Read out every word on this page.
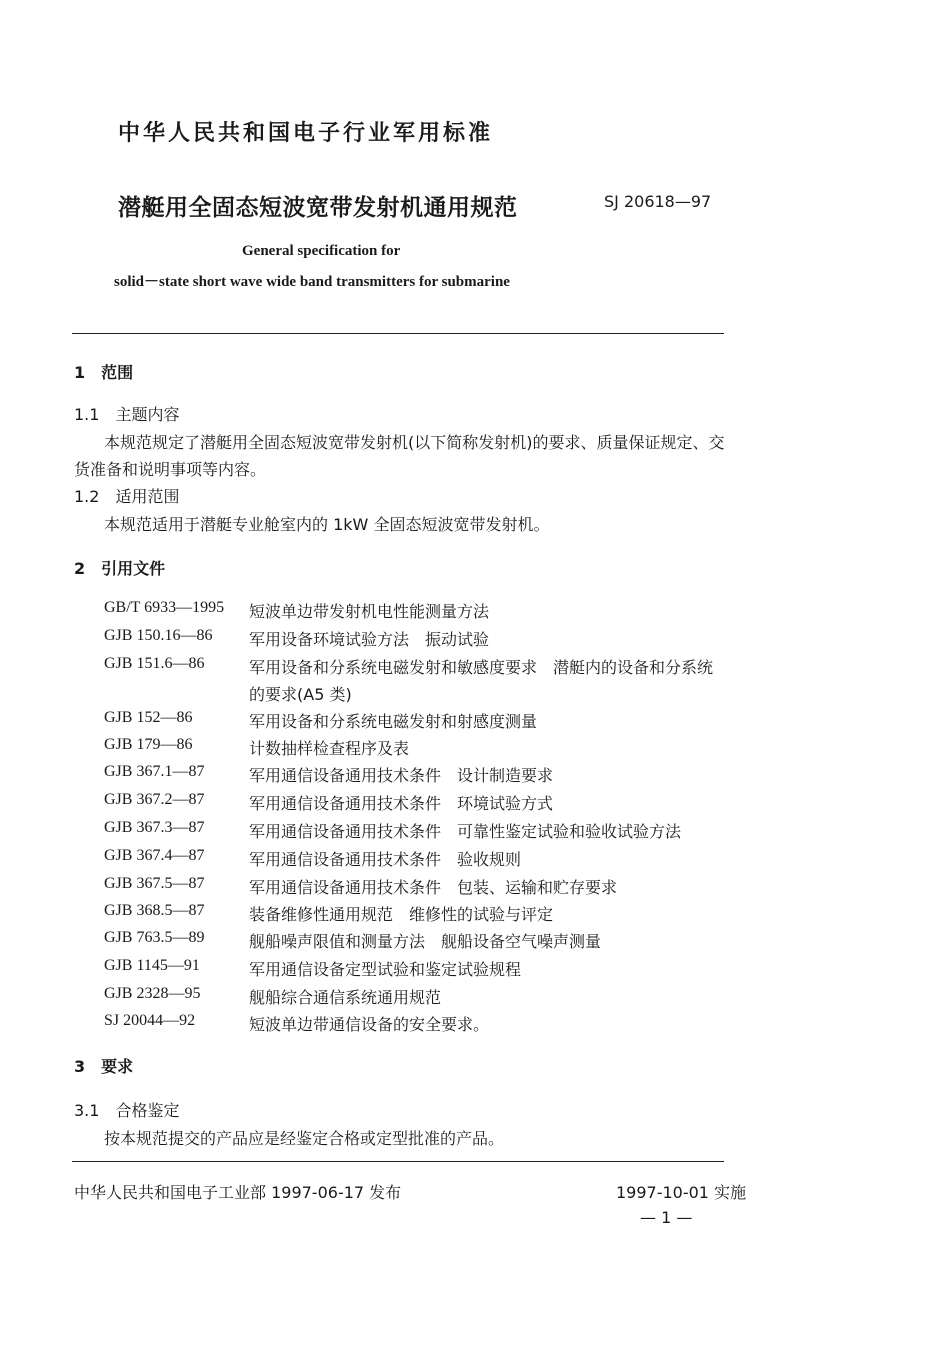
中华人民共和国电子行业军用标准
潜艇用全固态短波宽带发射机通用规范	SJ 20618—97
General specification for
solid－state short wave wide band transmitters for submarine
1　范围
1.1　主题内容
本规范规定了潜艇用全固态短波宽带发射机(以下简称发射机)的要求、质量保证规定、交
货准备和说明事项等内容。
1.2　适用范围
本规范适用于潜艇专业舱室内的 1kW 全固态短波宽带发射机。
2　引用文件
GB/T 6933—1995 短波单边带发射机电性能测量方法
GJB 150.16—86 军用设备环境试验方法　振动试验
GJB 151.6—86	军用设备和分系统电磁发射和敏感度要求　潜艇内的设备和分系统
的要求(A5 类)
GJB 152—86	军用设备和分系统电磁发射和射感度测量
GJB 179—86	计数抽样检查程序及表
GJB 367.1—87	军用通信设备通用技术条件　设计制造要求
GJB 367.2—87	军用通信设备通用技术条件　环境试验方式
GJB 367.3—87	军用通信设备通用技术条件　可靠性鉴定试验和验收试验方法
GJB 367.4—87	军用通信设备通用技术条件　验收规则
GJB 367.5—87	军用通信设备通用技术条件　包装、运输和贮存要求
GJB 368.5—87	装备维修性通用规范　维修性的试验与评定
GJB 763.5—89	舰船噪声限值和测量方法　舰船设备空气噪声测量
GJB 1145—91	军用通信设备定型试验和鉴定试验规程
GJB 2328—95	舰船综合通信系统通用规范
SJ 20044—92	短波单边带通信设备的安全要求。
3　要求
3.1　合格鉴定
按本规范提交的产品应是经鉴定合格或定型批准的产品。
中华人民共和国电子工业部 1997-06-17 发布	1997-10-01 实施
— 1 —
